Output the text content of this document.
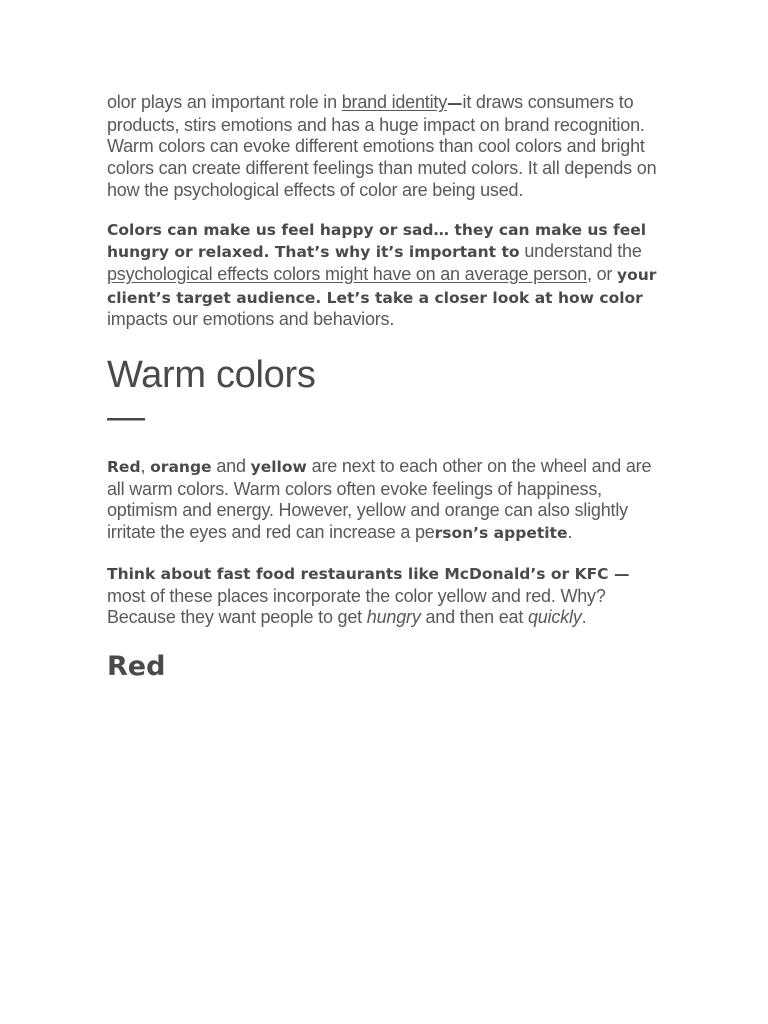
olor plays an important role in brand identity—it draws consumers to products, stirs emotions and has a huge impact on brand recognition. Warm colors can evoke different emotions than cool colors and bright colors can create different feelings than muted colors. It all depends on how the psychological effects of color are being used.

Colors can make us feel happy or sad… they can make us feel hungry or relaxed. That’s why it’s important to understand the psychological effects colors might have on an average person, or your client’s target audience. Let’s take a closer look at how color impacts our emotions and behaviors.

Warm colors
—

Red, orange and yellow are next to each other on the wheel and are all warm colors. Warm colors often evoke feelings of happiness, optimism and energy. However, yellow and orange can also slightly irritate the eyes and red can increase a person’s appetite.

Think about fast food restaurants like McDonald’s or KFC — most of these places incorporate the color yellow and red. Why? Because they want people to get hungry and then eat quickly.

Red
